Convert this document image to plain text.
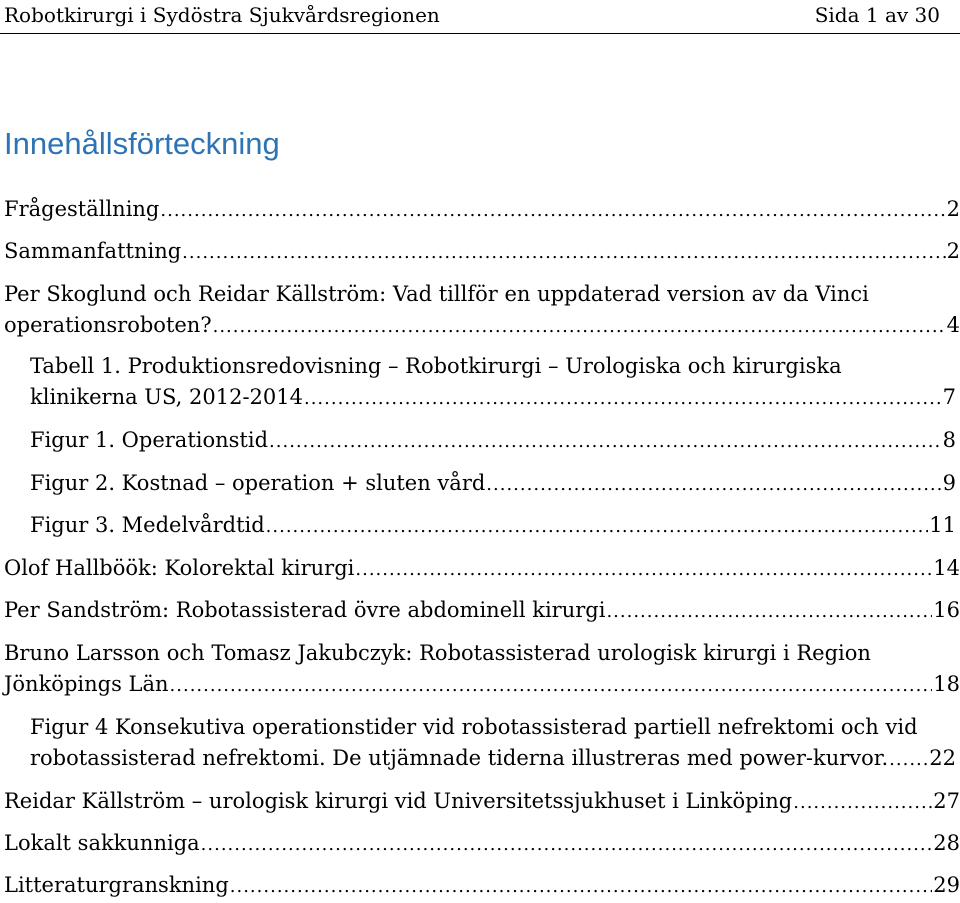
Robotkirurgi i Sydöstra Sjukvårdsregionen	Sida 1 av 30
Innehållsförteckning
Frågeställning .....	2
Sammanfattning .....	2
Per Skoglund och Reidar Källström: Vad tillför en uppdaterad version av da Vinci
operationsroboten? .....	4
Tabell 1. Produktionsredovisning – Robotkirurgi – Urologiska och kirurgiska
klinikerna US, 2012-2014 .....	7
Figur 1. Operationstid .....	8
Figur 2. Kostnad – operation + sluten vård .....	9
Figur 3. Medelvårdtid .....	11
Olof Hallböök: Kolorektal kirurgi .....	14
Per Sandström: Robotassisterad övre abdominell kirurgi .....	16
Bruno Larsson och Tomasz Jakubczyk: Robotassisterad urologisk kirurgi i Region
Jönköpings Län .....	18
Figur 4 Konsekutiva operationstider vid robotassisterad partiell nefrektomi och vid
robotassisterad nefrektomi. De utjämnade tiderna illustreras med power-kurvor. ..... 22
Reidar Källström – urologisk kirurgi vid Universitetssjukhuset i Linköping .....	27
Lokalt sakkunniga .....	28
Litteraturgranskning .....	29
